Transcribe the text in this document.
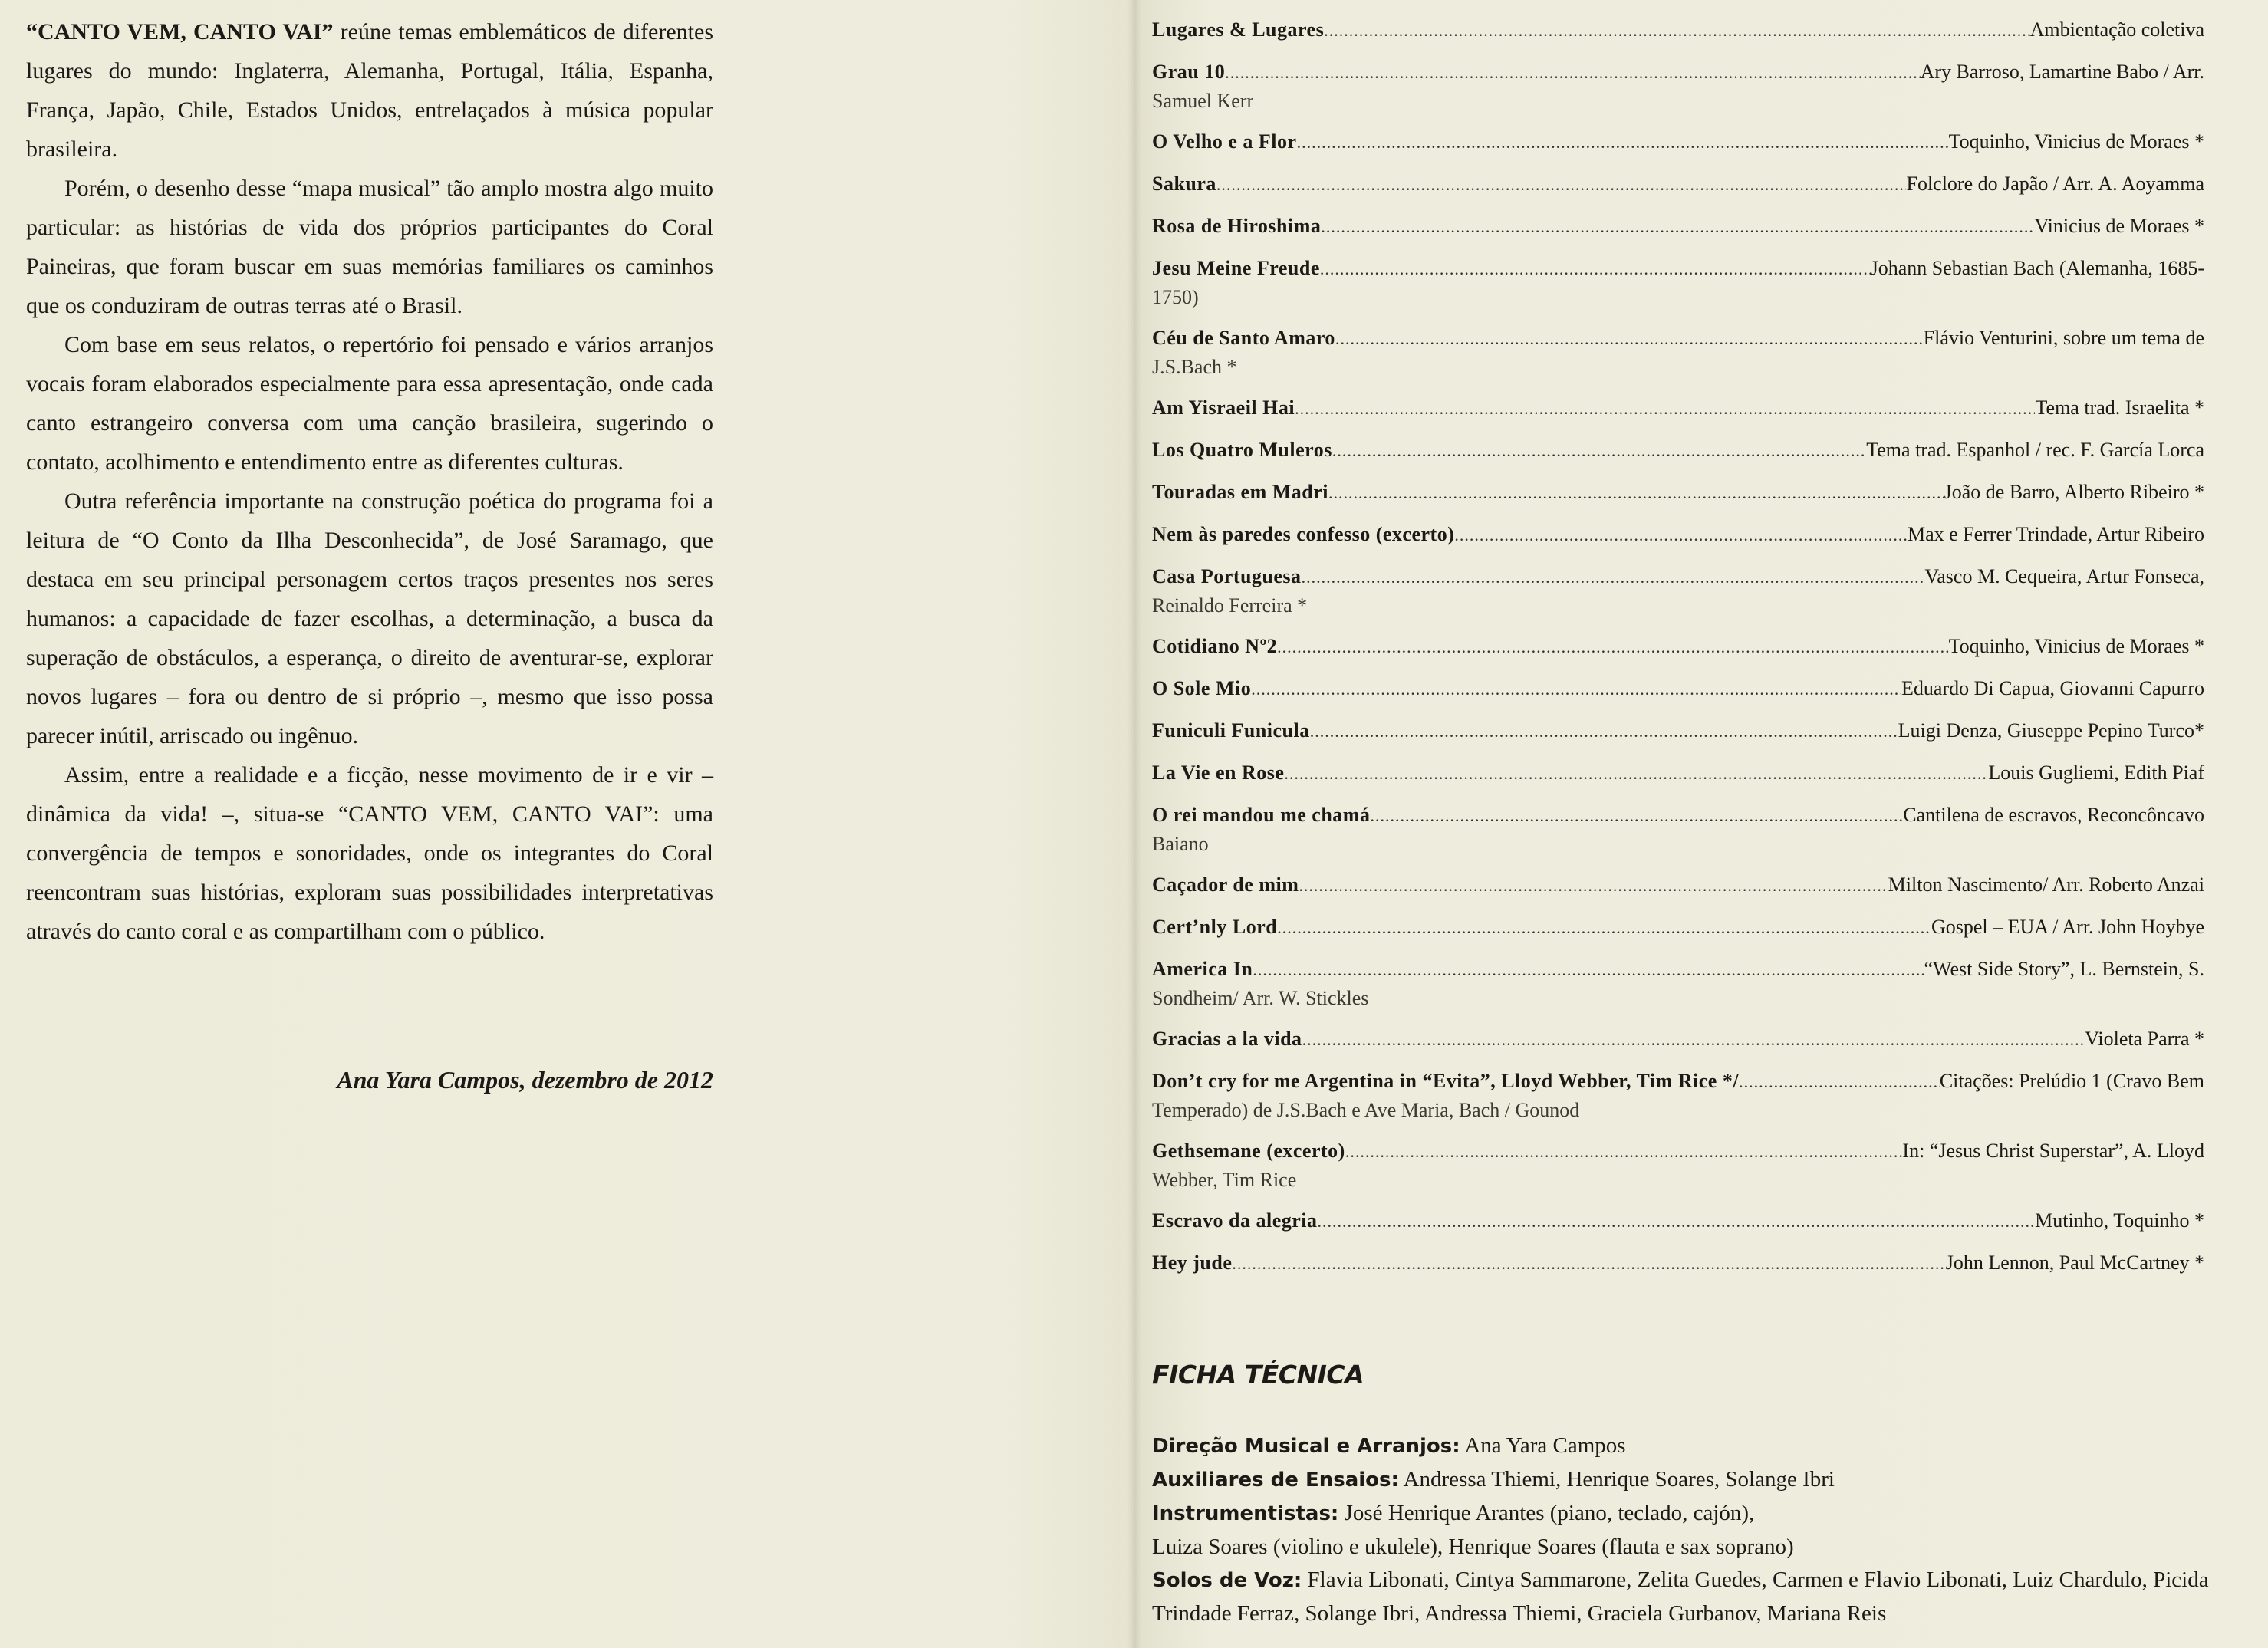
“CANTO VEM, CANTO VAI” reúne temas emblemáticos de diferentes lugares do mundo: Inglaterra, Alemanha, Portugal, Itália, Espanha, França, Japão, Chile, Estados Unidos, entrelaçados à música popular brasileira.

Porém, o desenho desse “mapa musical” tão amplo mostra algo muito particular: as histórias de vida dos próprios participantes do Coral Paineiras, que foram buscar em suas memórias familiares os caminhos que os conduziram de outras terras até o Brasil.

Com base em seus relatos, o repertório foi pensado e vários arranjos vocais foram elaborados especialmente para essa apresentação, onde cada canto estrangeiro conversa com uma canção brasileira, sugerindo o contato, acolhimento e entendimento entre as diferentes culturas.

Outra referência importante na construção poética do programa foi a leitura de “O Conto da Ilha Desconhecida”, de José Saramago, que destaca em seu principal personagem certos traços presentes nos seres humanos: a capacidade de fazer escolhas, a determinação, a busca da superação de obstáculos, a esperança, o direito de aventurar-se, explorar novos lugares – fora ou dentro de si próprio –, mesmo que isso possa parecer inútil, arriscado ou ingênuo.

Assim, entre a realidade e a ficção, nesse movimento de ir e vir – dinâmica da vida! –, situa-se “CANTO VEM, CANTO VAI”: uma convergência de tempos e sonoridades, onde os integrantes do Coral reencontram suas histórias, exploram suas possibilidades interpretativas através do canto coral e as compartilham com o público.

Ana Yara Campos, dezembro de 2012
Lugares & Lugares .....	Ambientação coletiva
Grau 10 .....	Ary Barroso, Lamartine Babo / Arr.
Samuel Kerr
O Velho e a Flor .....	Toquinho, Vinicius de Moraes *
Sakura .....	Folclore do Japão / Arr. A. Aoyamma
Rosa de Hiroshima .....	Vinicius de Moraes *
Jesu Meine Freude .....	Johann Sebastian Bach (Alemanha, 1685-
1750)
Céu de Santo Amaro .....	Flávio Venturini, sobre um tema de
J.S.Bach *
Am Yisraeil Hai .....	Tema trad. Israelita *
Los Quatro Muleros .....	Tema trad. Espanhol / rec. F. García Lorca
Touradas em Madri .....	João de Barro, Alberto Ribeiro *
Nem às paredes confesso (excerto) .....	Max e Ferrer Trindade, Artur Ribeiro
Casa Portuguesa .....	Vasco M. Cequeira, Artur Fonseca,
Reinaldo Ferreira *
Cotidiano Nº2 .....	Toquinho, Vinicius de Moraes *
O Sole Mio .....	Eduardo Di Capua, Giovanni Capurro
Funiculi Funicula .....	Luigi Denza, Giuseppe Pepino Turco*
La Vie en Rose .....	Louis Gugliemi, Edith Piaf
O rei mandou me chamá .....	Cantilena de escravos, Reconcôncavo
Baiano
Caçador de mim .....	Milton Nascimento/ Arr. Roberto Anzai
Cert’nly Lord .....	Gospel – EUA / Arr. John Hoybye
America In .....	“West Side Story”, L. Bernstein, S.
Sondheim/ Arr. W. Stickles
Gracias a la vida .....	Violeta Parra *
Don’t cry for me Argentina in “Evita”, Lloyd Webber, Tim Rice */ .....	Citações: Prelúdio 1 (Cravo Bem
Temperado) de J.S.Bach e Ave Maria, Bach / Gounod
Gethsemane (excerto) .....	In: “Jesus Christ Superstar”, A. Lloyd
Webber, Tim Rice
Escravo da alegria .....	Mutinho, Toquinho *
Hey jude .....	John Lennon, Paul McCartney *
FICHA TÉCNICA
Direção Musical e Arranjos: Ana Yara Campos
Auxiliares de Ensaios: Andressa Thiemi, Henrique Soares, Solange Ibri
Instrumentistas: José Henrique Arantes (piano, teclado, cajón),
Luiza Soares (violino e ukulele), Henrique Soares (flauta e sax soprano)
Solos de Voz: Flavia Libonati, Cintya Sammarone, Zelita Guedes, Carmen e Flavio Libonati, Luiz Chardulo, Picida
Trindade Ferraz, Solange Ibri, Andressa Thiemi, Graciela Gurbanov, Mariana Reis
